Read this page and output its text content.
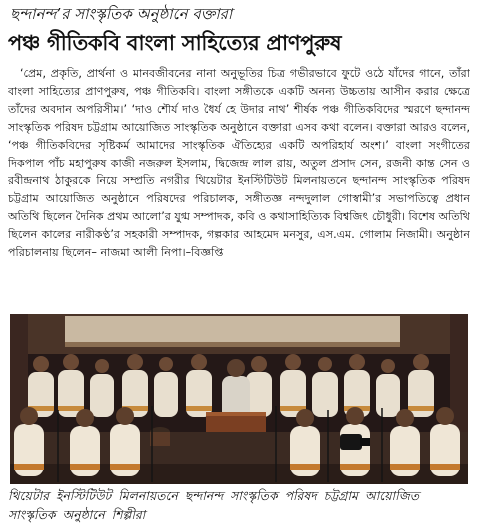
ছন্দানন্দ’র সাংস্কৃতিক অনুষ্ঠানে বক্তারা
পঞ্চ গীতিকবি বাংলা সাহিত্যের প্রাণপুরুষ

‘প্রেম, প্রকৃতি, প্রার্থনা ও মানবজীবনের নানা অনুভূতির চিত্র গভীরভাবে ফুটে ওঠে যাঁদের গানে, তাঁরা বাংলা সাহিত্যের প্রাণপুরুষ, পঞ্চ গীতিকবি। বাংলা সঙ্গীতকে একটি অনন্য উচ্চতায় আসীন করার ক্ষেত্রে তাঁদের অবদান অপরিসীম।’ ‘দাও শৌর্য দাও ধৈর্য হে উদার নাথ’ শীর্ষক পঞ্চ গীতিকবিদের স্মরণে ছন্দানন্দ সাংস্কৃতিক পরিষদ চট্টগ্রাম আয়োজিত সাংস্কৃতিক অনুষ্ঠানে বক্তারা এসব কথা বলেন। বক্তারা আরও বলেন, ‘পঞ্চ গীতিকবিদের সৃষ্টিকর্ম আমাদের সাংস্কৃতিক ঐতিহ্যের একটি অপরিহার্য অংশ।’ বাংলা সংগীতের দিকপাল পাঁচ মহাপুরুষ কাজী নজরুল ইসলাম, দ্বিজেন্দ্র লাল রায়, অতুল প্রসাদ সেন, রজনী কান্ত সেন ও রবীন্দ্রনাথ ঠাকুরকে নিয়ে সম্প্রতি নগরীর থিয়েটার ইনস্টিটিউট মিলনায়তনে ছন্দানন্দ সাংস্কৃতিক পরিষদ চট্টগ্রাম আয়োজিত অনুষ্ঠানে পরিষদের পরিচালক, সঙ্গীতজ্ঞ নন্দদুলাল গোস্বামী’র সভাপতিত্বে প্রধান অতিথি ছিলেন দৈনিক প্রথম আলো’র যুগ্ম সম্পাদক, কবি ও কথাসাহিত্যিক বিশ্বজিৎ চৌধুরী। বিশেষ অতিথি ছিলেন কালের নারীকণ্ঠ’র সহকারী সম্পাদক, গল্পকার আহমেদ মনসুর, এস.এম. গোলাম নিজামী। অনুষ্ঠান পরিচালনায় ছিলেন– নাজমা আলী নিপা।–বিজ্ঞপ্তি

থিয়েটার ইনস্টিটিউট মিলনায়তনে ছন্দানন্দ সাংস্কৃতিক পরিষদ চট্টগ্রাম আয়োজিত সাংস্কৃতিক অনুষ্ঠানে শিল্পীরা
